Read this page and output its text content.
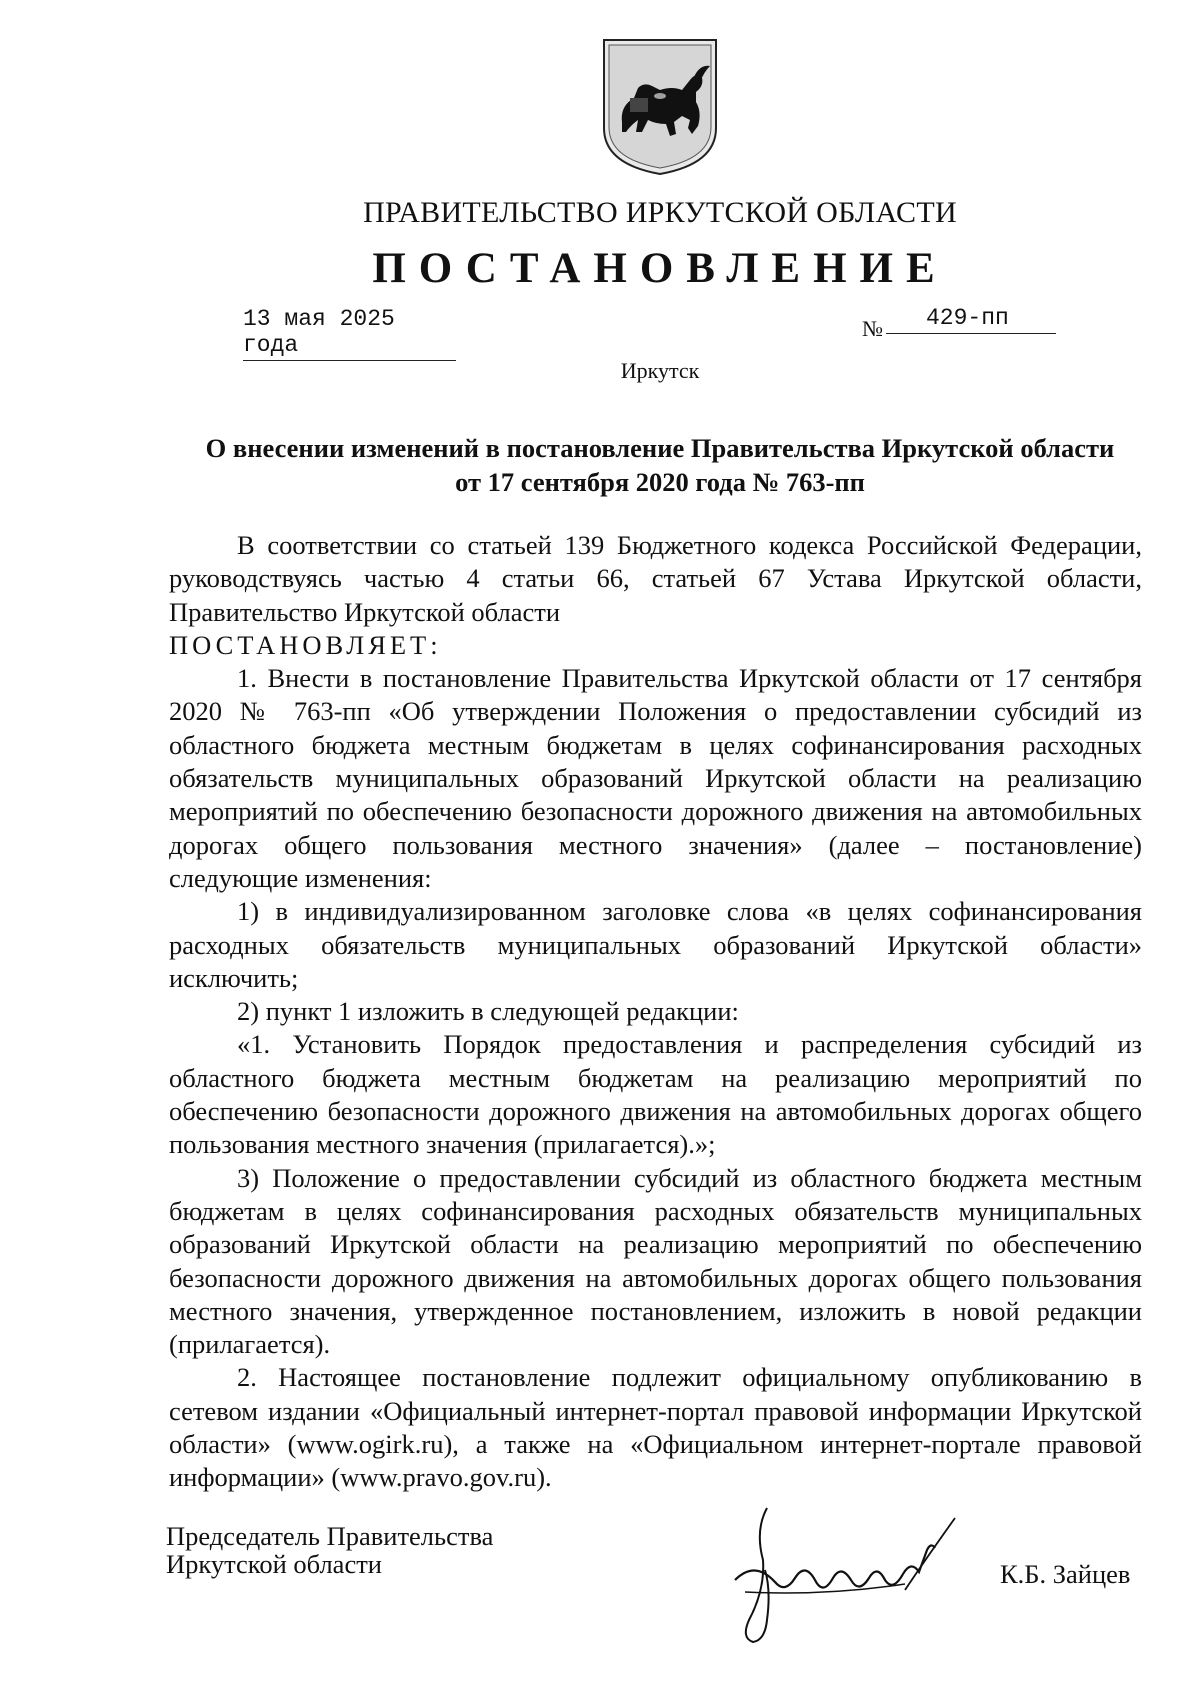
ПРАВИТЕЛЬСТВО ИРКУТСКОЙ ОБЛАСТИ
ПОСТАНОВЛЕНИЕ
13 мая 2025 года
№	429-пп
Иркутск
О внесении изменений в постановление Правительства Иркутской области
от 17 сентября 2020 года № 763-пп

В соответствии со статьей 139 Бюджетного кодекса Российской Федерации, руководствуясь частью 4 статьи 66, статьей 67 Устава Иркутской области, Правительство Иркутской области

ПОСТАНОВЛЯЕТ:

1. Внести в постановление Правительства Иркутской области от 17 сентября 2020 № 763-пп «Об утверждении Положения о предоставлении субсидий из областного бюджета местным бюджетам в целях софинансирования расходных обязательств муниципальных образований Иркутской области на реализацию мероприятий по обеспечению безопасности дорожного движения на автомобильных дорогах общего пользования местного значения» (далее – постановление) следующие изменения:

1) в индивидуализированном заголовке слова «в целях софинансирования расходных обязательств муниципальных образований Иркутской области» исключить;

2) пункт 1 изложить в следующей редакции:

«1. Установить Порядок предоставления и распределения субсидий из областного бюджета местным бюджетам на реализацию мероприятий по обеспечению безопасности дорожного движения на автомобильных дорогах общего пользования местного значения (прилагается).»;

3) Положение о предоставлении субсидий из областного бюджета местным бюджетам в целях софинансирования расходных обязательств муниципальных образований Иркутской области на реализацию мероприятий по обеспечению безопасности дорожного движения на автомобильных дорогах общего пользования местного значения, утвержденное постановлением, изложить в новой редакции (прилагается).

2. Настоящее постановление подлежит официальному опубликованию в сетевом издании «Официальный интернет-портал правовой информации Иркутской области» (www.ogirk.ru), а также на «Официальном интернет-портале правовой информации» (www.pravo.gov.ru).

Председатель Правительства
Иркутской области	К.Б. Зайцев
